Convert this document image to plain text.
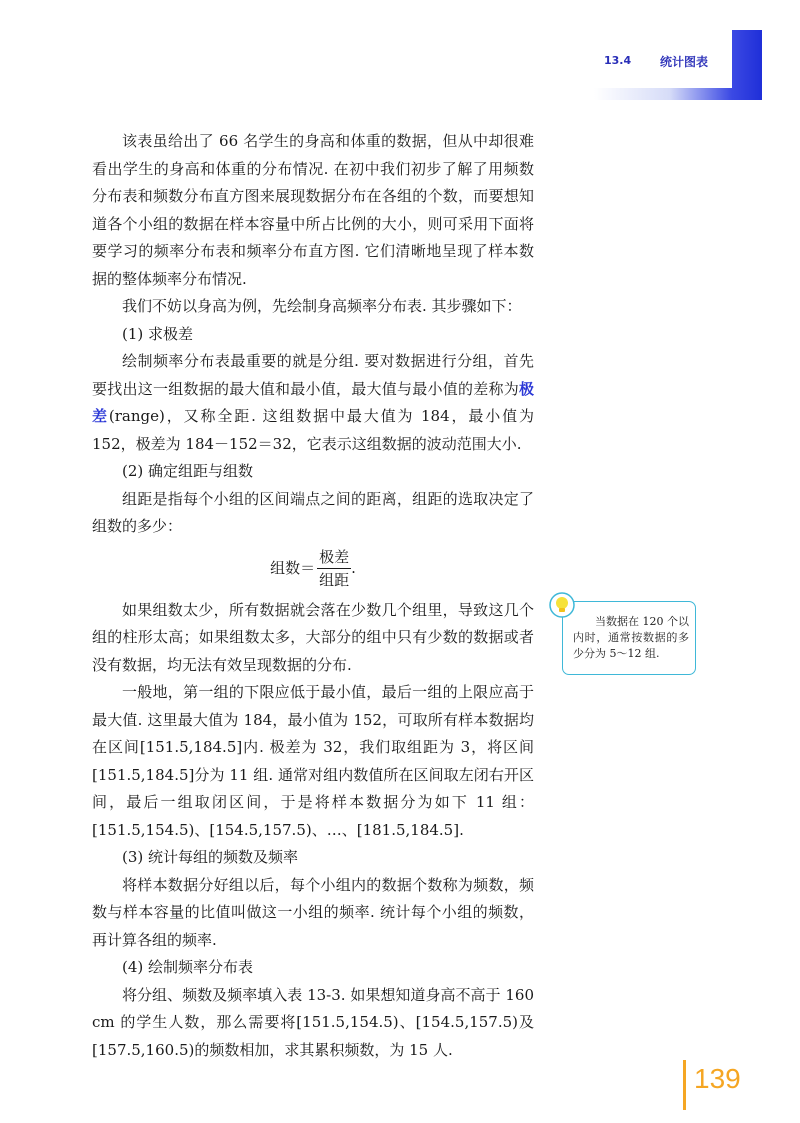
13.4 统计图表

该表虽给出了 66 名学生的身高和体重的数据，但从中却很难看出学生的身高和体重的分布情况. 在初中我们初步了解了用频数分布表和频数分布直方图来展现数据分布在各组的个数，而要想知道各个小组的数据在样本容量中所占比例的大小，则可采用下面将要学习的频率分布表和频率分布直方图. 它们清晰地呈现了样本数据的整体频率分布情况.

我们不妨以身高为例，先绘制身高频率分布表. 其步骤如下：

(1) 求极差

绘制频率分布表最重要的就是分组. 要对数据进行分组，首先要找出这一组数据的最大值和最小值，最大值与最小值的差称为极差(range)，又称全距. 这组数据中最大值为 184，最小值为 152，极差为 184－152＝32，它表示这组数据的波动范围大小.

(2) 确定组距与组数

组距是指每个小组的区间端点之间的距离，组距的选取决定了组数的多少：

组数＝ $\frac{\text{极差}}{\text{组距}}$ .

如果组数太少，所有数据就会落在少数几个组里，导致这几个组的柱形太高；如果组数太多，大部分的组中只有少数的数据或者没有数据，均无法有效呈现数据的分布.

一般地，第一组的下限应低于最小值，最后一组的上限应高于最大值. 这里最大值为 184，最小值为 152，可取所有样本数据均在区间[151.5,184.5]内. 极差为 32，我们取组距为 3，将区间[151.5,184.5]分为 11 组. 通常对组内数值所在区间取左闭右开区间，最后一组取闭区间，于是将样本数据分为如下 11 组：[151.5,154.5)、[154.5,157.5)、…、[181.5,184.5].

(3) 统计每组的频数及频率

将样本数据分好组以后，每个小组内的数据个数称为频数，频数与样本容量的比值叫做这一小组的频率. 统计每个小组的频数，再计算各组的频率.

(4) 绘制频率分布表

将分组、频数及频率填入表 13-3. 如果想知道身高不高于 160 cm 的学生人数，那么需要将[151.5,154.5)、[154.5,157.5)及[157.5,160.5)的频数相加，求其累积频数，为 15 人.

当数据在 120 个以内时，通常按数据的多少分为 5～12 组.
139
